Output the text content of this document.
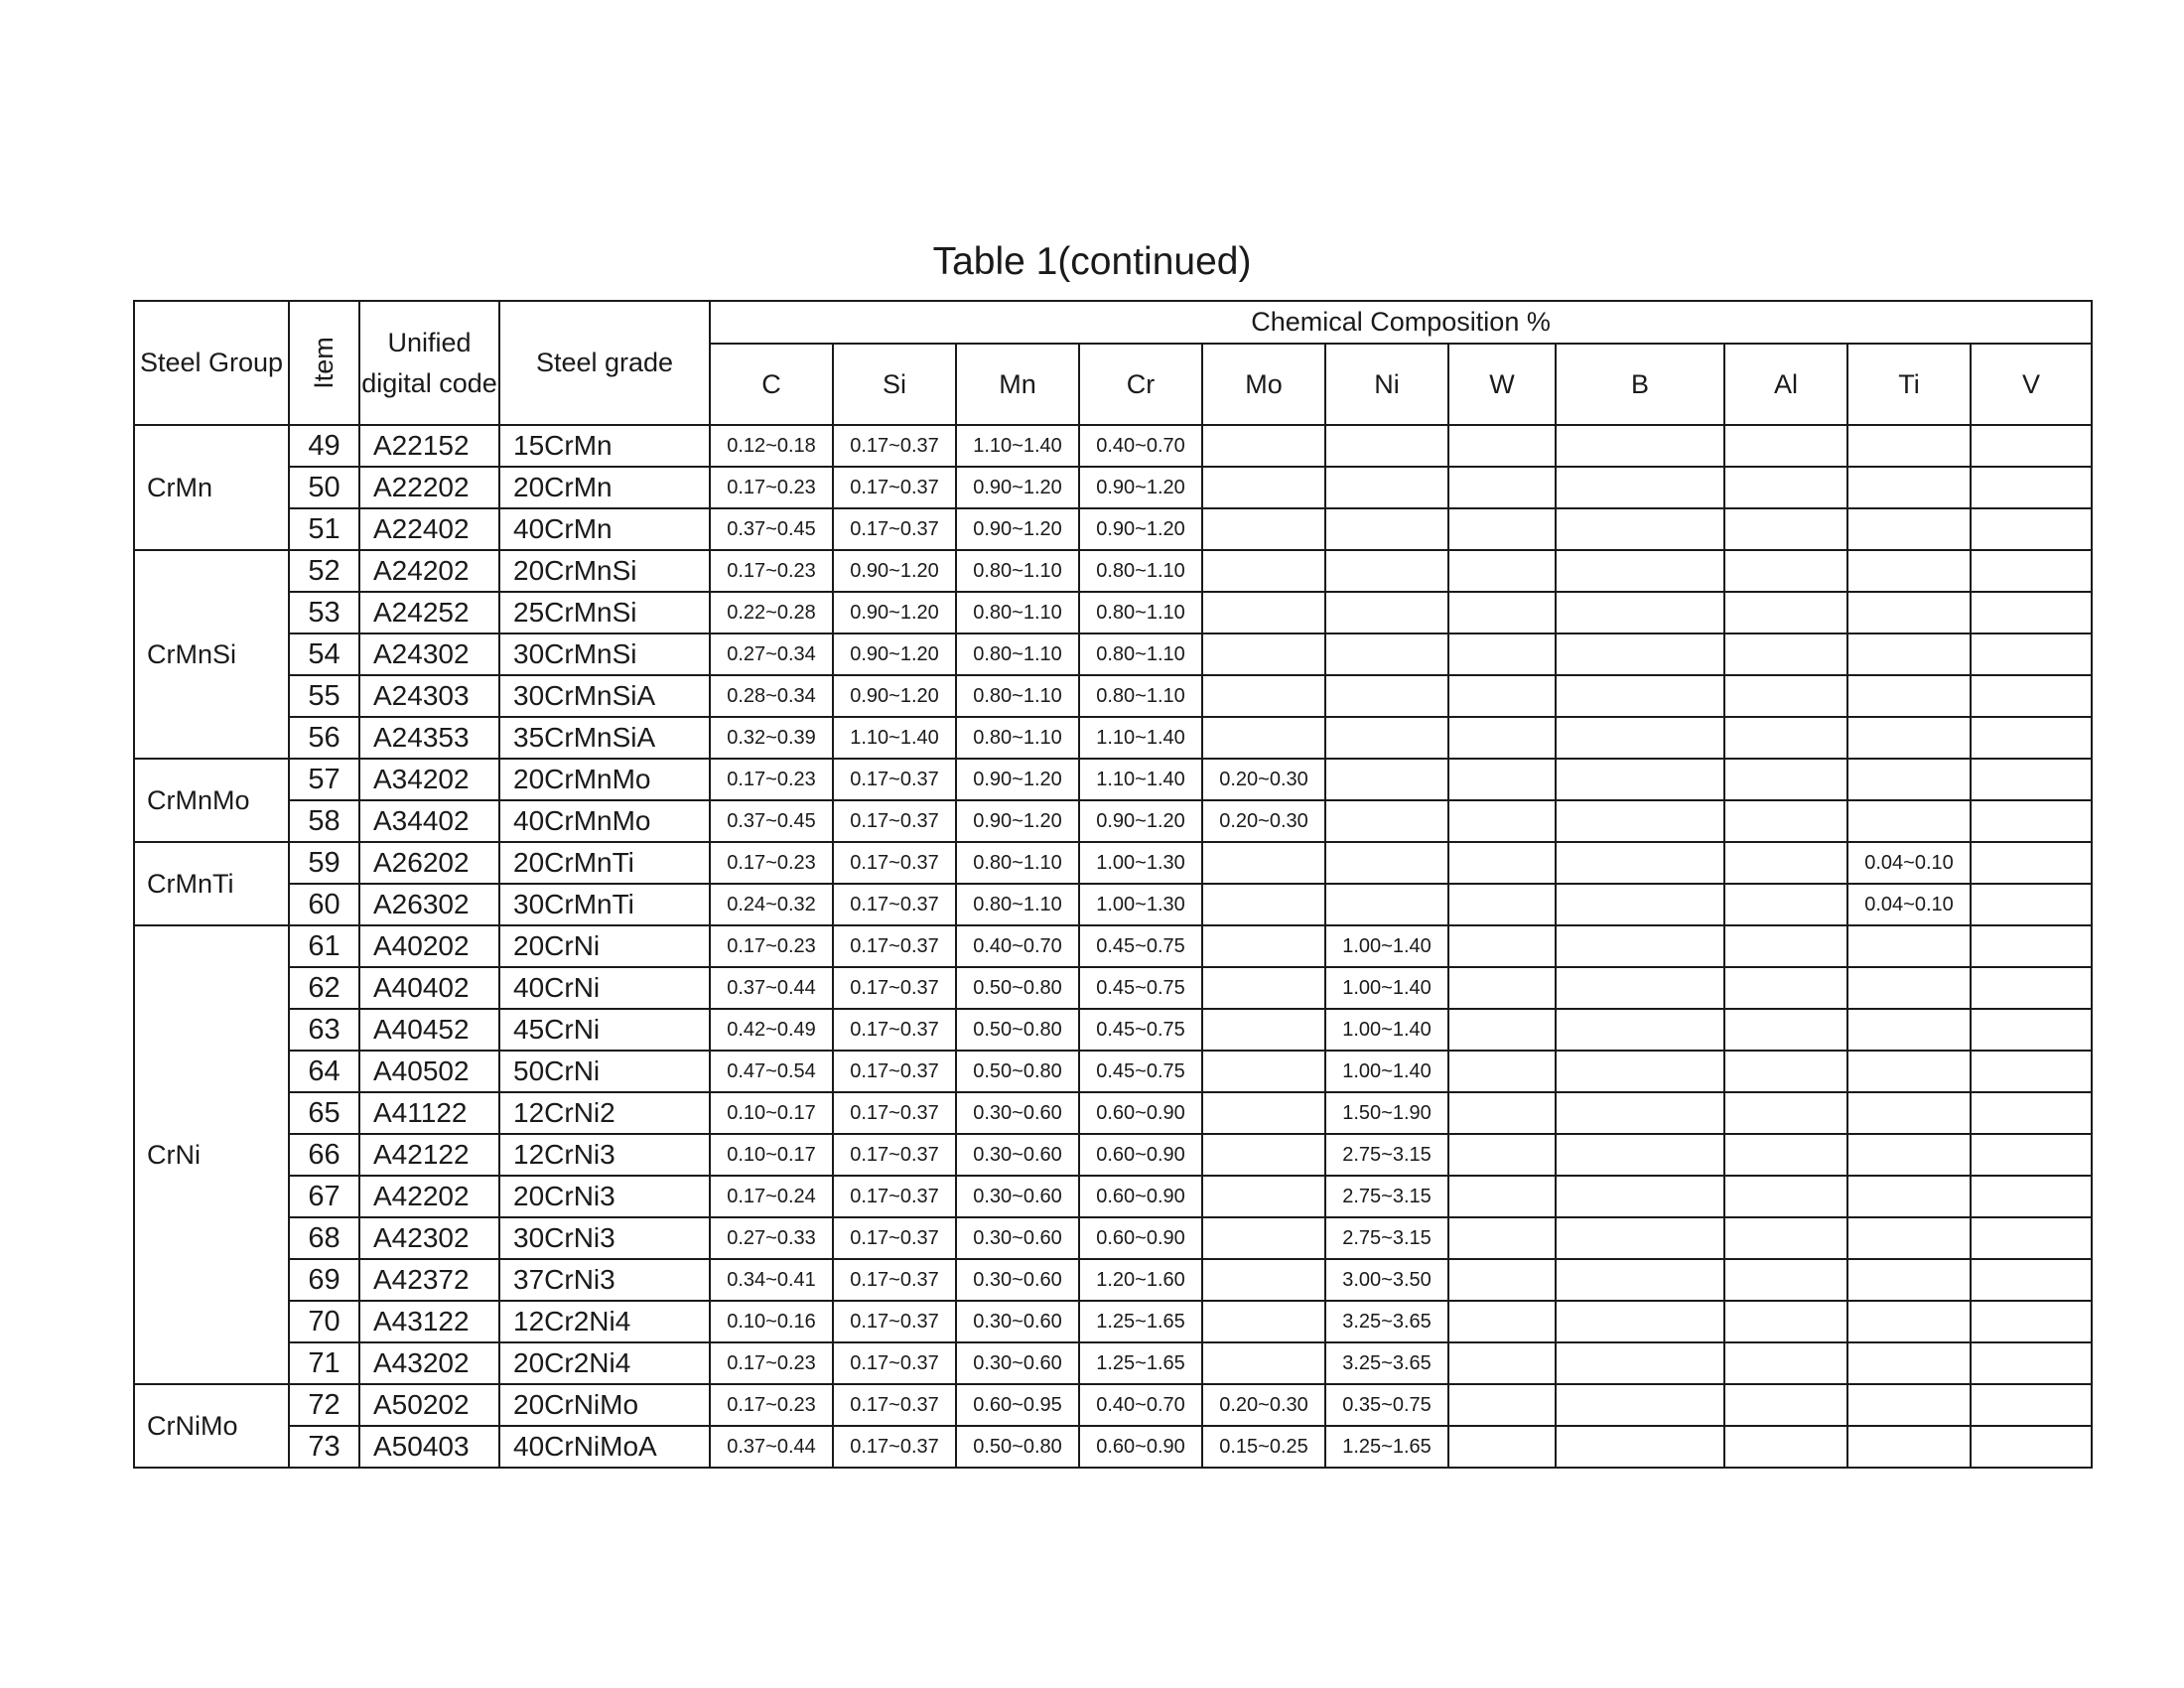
Table 1(continued)
Steel Group	Item	Unified digital code	Steel grade	Chemical Composition %										
				C	Si	Mn	Cr	Mo	Ni	W	B	Al	Ti	V
CrMn	49	A22152	15CrMn	0.12~0.18	0.17~0.37	1.10~1.40	0.40~0.70							
	50	A22202	20CrMn	0.17~0.23	0.17~0.37	0.90~1.20	0.90~1.20							
	51	A22402	40CrMn	0.37~0.45	0.17~0.37	0.90~1.20	0.90~1.20							
CrMnSi	52	A24202	20CrMnSi	0.17~0.23	0.90~1.20	0.80~1.10	0.80~1.10							
	53	A24252	25CrMnSi	0.22~0.28	0.90~1.20	0.80~1.10	0.80~1.10							
	54	A24302	30CrMnSi	0.27~0.34	0.90~1.20	0.80~1.10	0.80~1.10							
	55	A24303	30CrMnSiA	0.28~0.34	0.90~1.20	0.80~1.10	0.80~1.10							
	56	A24353	35CrMnSiA	0.32~0.39	1.10~1.40	0.80~1.10	1.10~1.40							
CrMnMo	57	A34202	20CrMnMo	0.17~0.23	0.17~0.37	0.90~1.20	1.10~1.40	0.20~0.30						
	58	A34402	40CrMnMo	0.37~0.45	0.17~0.37	0.90~1.20	0.90~1.20	0.20~0.30						
CrMnTi	59	A26202	20CrMnTi	0.17~0.23	0.17~0.37	0.80~1.10	1.00~1.30						0.04~0.10	
	60	A26302	30CrMnTi	0.24~0.32	0.17~0.37	0.80~1.10	1.00~1.30						0.04~0.10	
CrNi	61	A40202	20CrNi	0.17~0.23	0.17~0.37	0.40~0.70	0.45~0.75		1.00~1.40					
	62	A40402	40CrNi	0.37~0.44	0.17~0.37	0.50~0.80	0.45~0.75		1.00~1.40					
	63	A40452	45CrNi	0.42~0.49	0.17~0.37	0.50~0.80	0.45~0.75		1.00~1.40					
	64	A40502	50CrNi	0.47~0.54	0.17~0.37	0.50~0.80	0.45~0.75		1.00~1.40					
	65	A41122	12CrNi2	0.10~0.17	0.17~0.37	0.30~0.60	0.60~0.90		1.50~1.90					
	66	A42122	12CrNi3	0.10~0.17	0.17~0.37	0.30~0.60	0.60~0.90		2.75~3.15					
	67	A42202	20CrNi3	0.17~0.24	0.17~0.37	0.30~0.60	0.60~0.90		2.75~3.15					
	68	A42302	30CrNi3	0.27~0.33	0.17~0.37	0.30~0.60	0.60~0.90		2.75~3.15					
	69	A42372	37CrNi3	0.34~0.41	0.17~0.37	0.30~0.60	1.20~1.60		3.00~3.50					
	70	A43122	12Cr2Ni4	0.10~0.16	0.17~0.37	0.30~0.60	1.25~1.65		3.25~3.65					
	71	A43202	20Cr2Ni4	0.17~0.23	0.17~0.37	0.30~0.60	1.25~1.65		3.25~3.65					
CrNiMo	72	A50202	20CrNiMo	0.17~0.23	0.17~0.37	0.60~0.95	0.40~0.70	0.20~0.30	0.35~0.75					
	73	A50403	40CrNiMoA	0.37~0.44	0.17~0.37	0.50~0.80	0.60~0.90	0.15~0.25	1.25~1.65					
